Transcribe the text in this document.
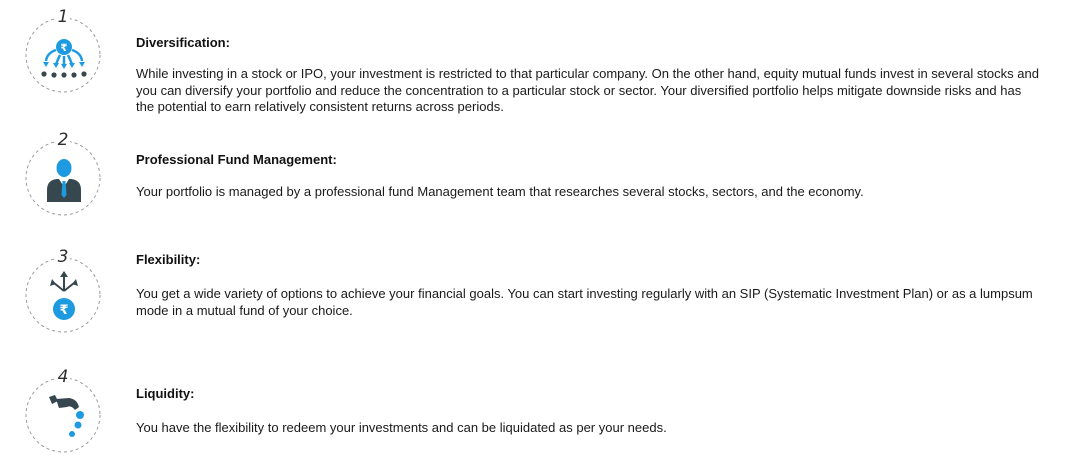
1
₹	Diversification:

While investing in a stock or IPO, your investment is restricted to that particular company. On the other hand, equity mutual funds invest in several stocks and you can diversify your portfolio and reduce the concentration to a particular stock or sector. Your diversified portfolio helps mitigate downside risks and has the potential to earn relatively consistent returns across periods.

2
Professional Fund Management:

Your portfolio is managed by a professional fund Management team that researches several stocks, sectors, and the economy.

3
₹
Flexibility:

You get a wide variety of options to achieve your financial goals. You can start investing regularly with an SIP (Systematic Investment Plan) or as a lumpsum mode in a mutual fund of your choice.

4
Liquidity:

You have the flexibility to redeem your investments and can be liquidated as per your needs.
